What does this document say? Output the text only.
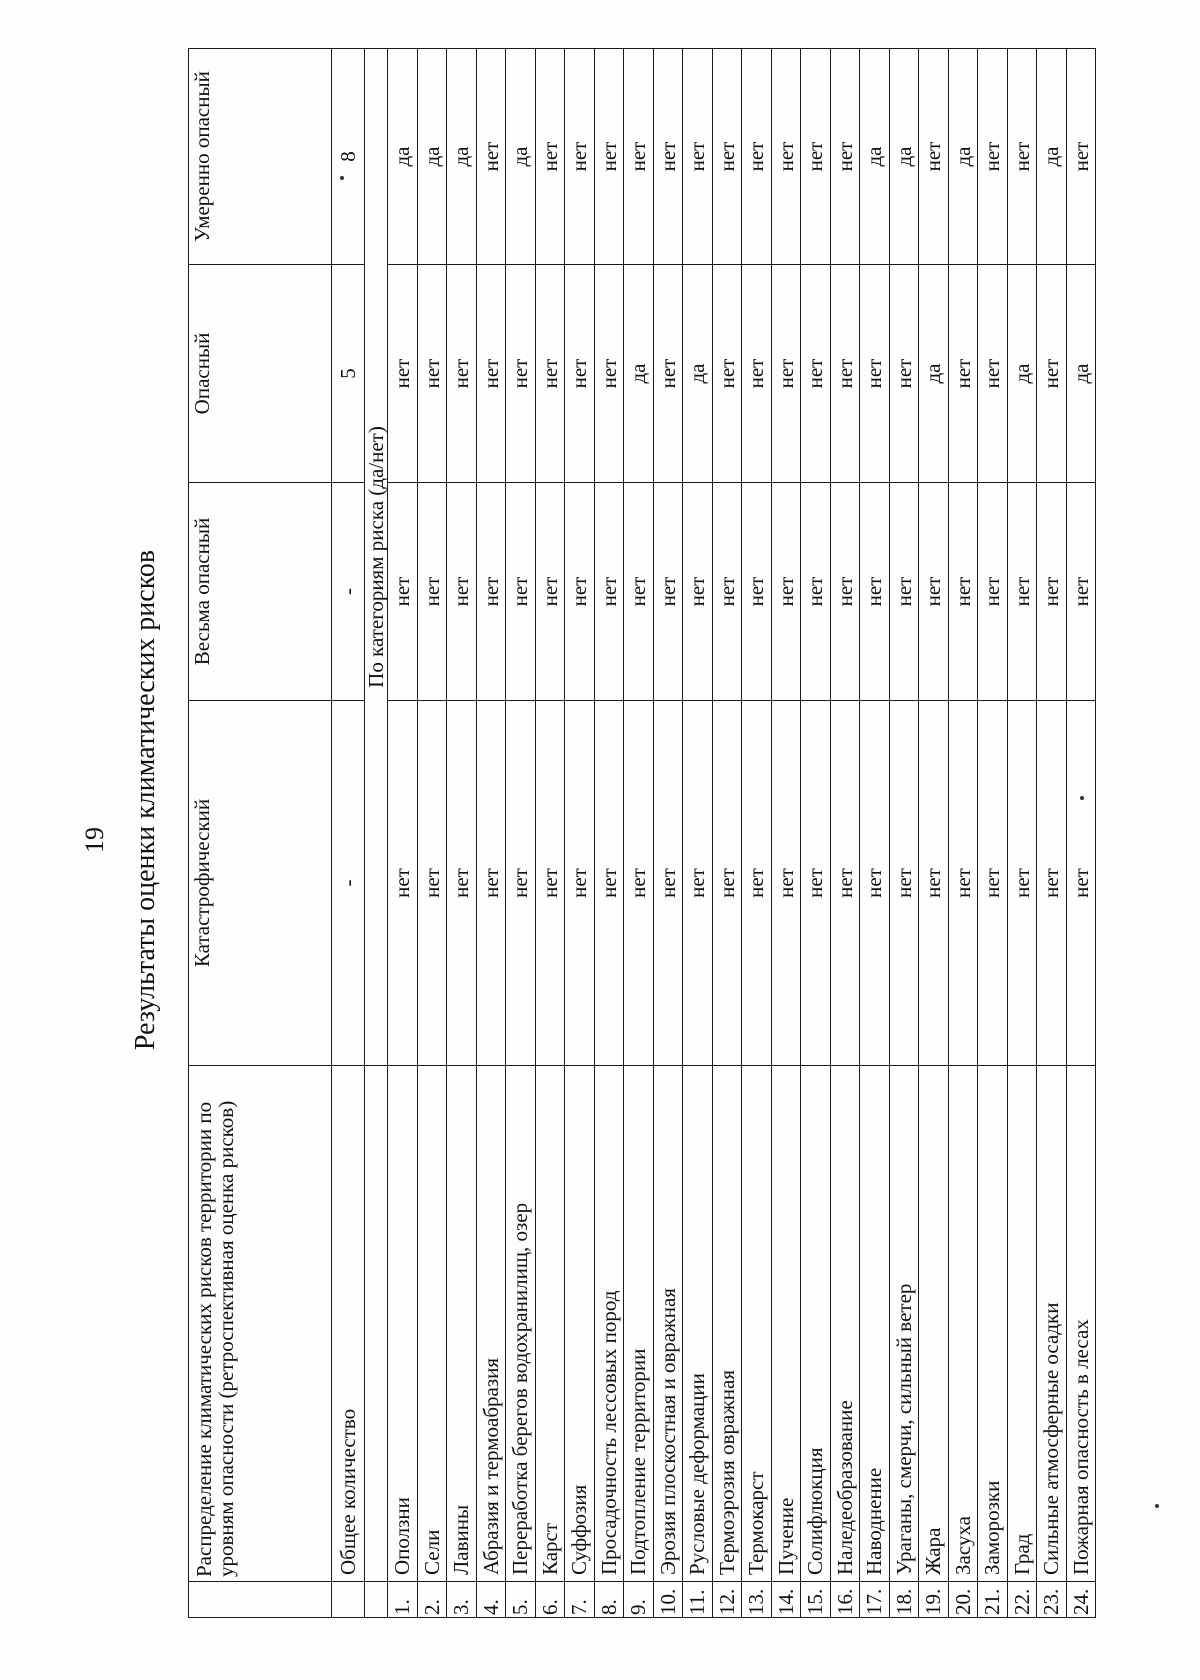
19 Результаты оценки климатических рисков
	Распределение климатических рисков территории по уровням опасности (ретроспективная оценка рисков)	Катастрофический	Весьма опасный	Опасный	Умеренно опасный
	Общее количество	-	-	5	8
		По категориям риска (да/нет)			
1.	Оползни	нет	нет	нет	да
2.	Сели	нет	нет	нет	да
3.	Лавины	нет	нет	нет	да
4.	Абразия и термоабразия	нет	нет	нет	нет
5.	Переработка берегов водохранилищ, озер	нет	нет	нет	да
6.	Карст	нет	нет	нет	нет
7.	Суффозия	нет	нет	нет	нет
8.	Просадочность лессовых пород	нет	нет	нет	нет
9.	Подтопление территории	нет	нет	да	нет
10.	Эрозия плоскостная и овражная	нет	нет	нет	нет
11.	Русловые деформации	нет	нет	да	нет
12.	Термоэрозия овражная	нет	нет	нет	нет
13.	Термокарст	нет	нет	нет	нет
14.	Пучение	нет	нет	нет	нет
15.	Солифлюкция	нет	нет	нет	нет
16.	Наледеобразование	нет	нет	нет	нет
17.	Наводнение	нет	нет	нет	да
18.	Ураганы, смерчи, сильный ветер	нет	нет	нет	да
19.	Жара	нет	нет	да	нет
20.	Засуха	нет	нет	нет	да
21.	Заморозки	нет	нет	нет	нет
22.	Град	нет	нет	да	нет
23.	Сильные атмосферные осадки	нет	нет	нет	да
24.	Пожарная опасность в лесах	нет	нет	да	нет
